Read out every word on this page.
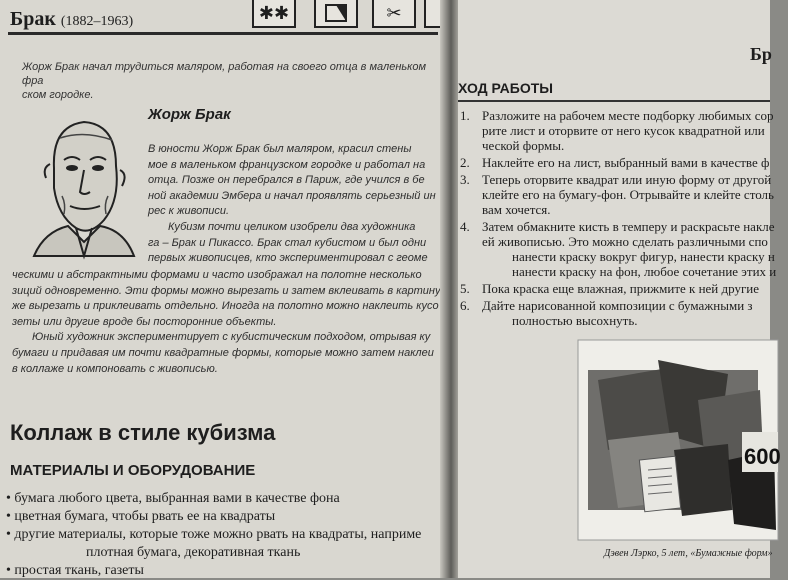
Брак (1882–1963)	✱✱	✂
Жорж Брак начал трудиться маляром, работая на своего отца в маленьком фра
ском городке.
Жорж Брак
В юности Жорж Брак был маляром, красил стены
мое в маленьком французском городке и работал на
отца. Позже он перебрался в Париж, где учился в бе
ной академии Эмбера и начал проявлять серьезный ин
рес к живописи.
Кубизм почти целиком изобрели два художника
га – Брак и Пикассо. Брак стал кубистом и был одни
первых живописцев, кто экспериментировал с геоме
ческими и абстрактными формами и часто изображал на полотне несколько
зиций одновременно. Эти формы можно вырезать и затем вклеивать в картину
же вырезать и приклеивать отдельно. Иногда на полотно можно наклеить кусо
зеты или другие вроде бы посторонние объекты.
Юный художник экспериментирует с кубистическим подходом, отрывая ку
бумаги и придавая им почти квадратные формы, которые можно затем наклеи
в коллаже и компоновать с живописью.
Коллаж в стиле кубизма
МАТЕРИАЛЫ И ОБОРУДОВАНИЕ
• бумага любого цвета, выбранная вами в качестве фона
• цветная бумага, чтобы рвать ее на квадраты
• другие материалы, которые тоже можно рвать на квадраты, наприме
плотная бумага, декоративная ткань
• простая ткань, газеты
Бр
ХОД РАБОТЫ
1. Разложите на рабочем месте подборку любимых сор
рите лист и оторвите от него кусок квадратной или
ческой формы.
2. Наклейте его на лист, выбранный вами в качестве ф
3. Теперь оторвите квадрат или иную форму от другой
клейте его на бумагу-фон. Отрывайте и клейте столь
вам хочется.
4. Затем обмакните кисть в темперу и раскрасьте накле
ей живописью. Это можно сделать различными спо
нанести краску вокруг фигур, нанести краску н
нанести краску на фон, любое сочетание этих и
5. Пока краска еще влажная, прижмите к ней другие
6. Дайте нарисованной композиции с бумажными з
полностью высохнуть.
600
Дэвен Лэрко, 5 лет, «Бумажные форм»
